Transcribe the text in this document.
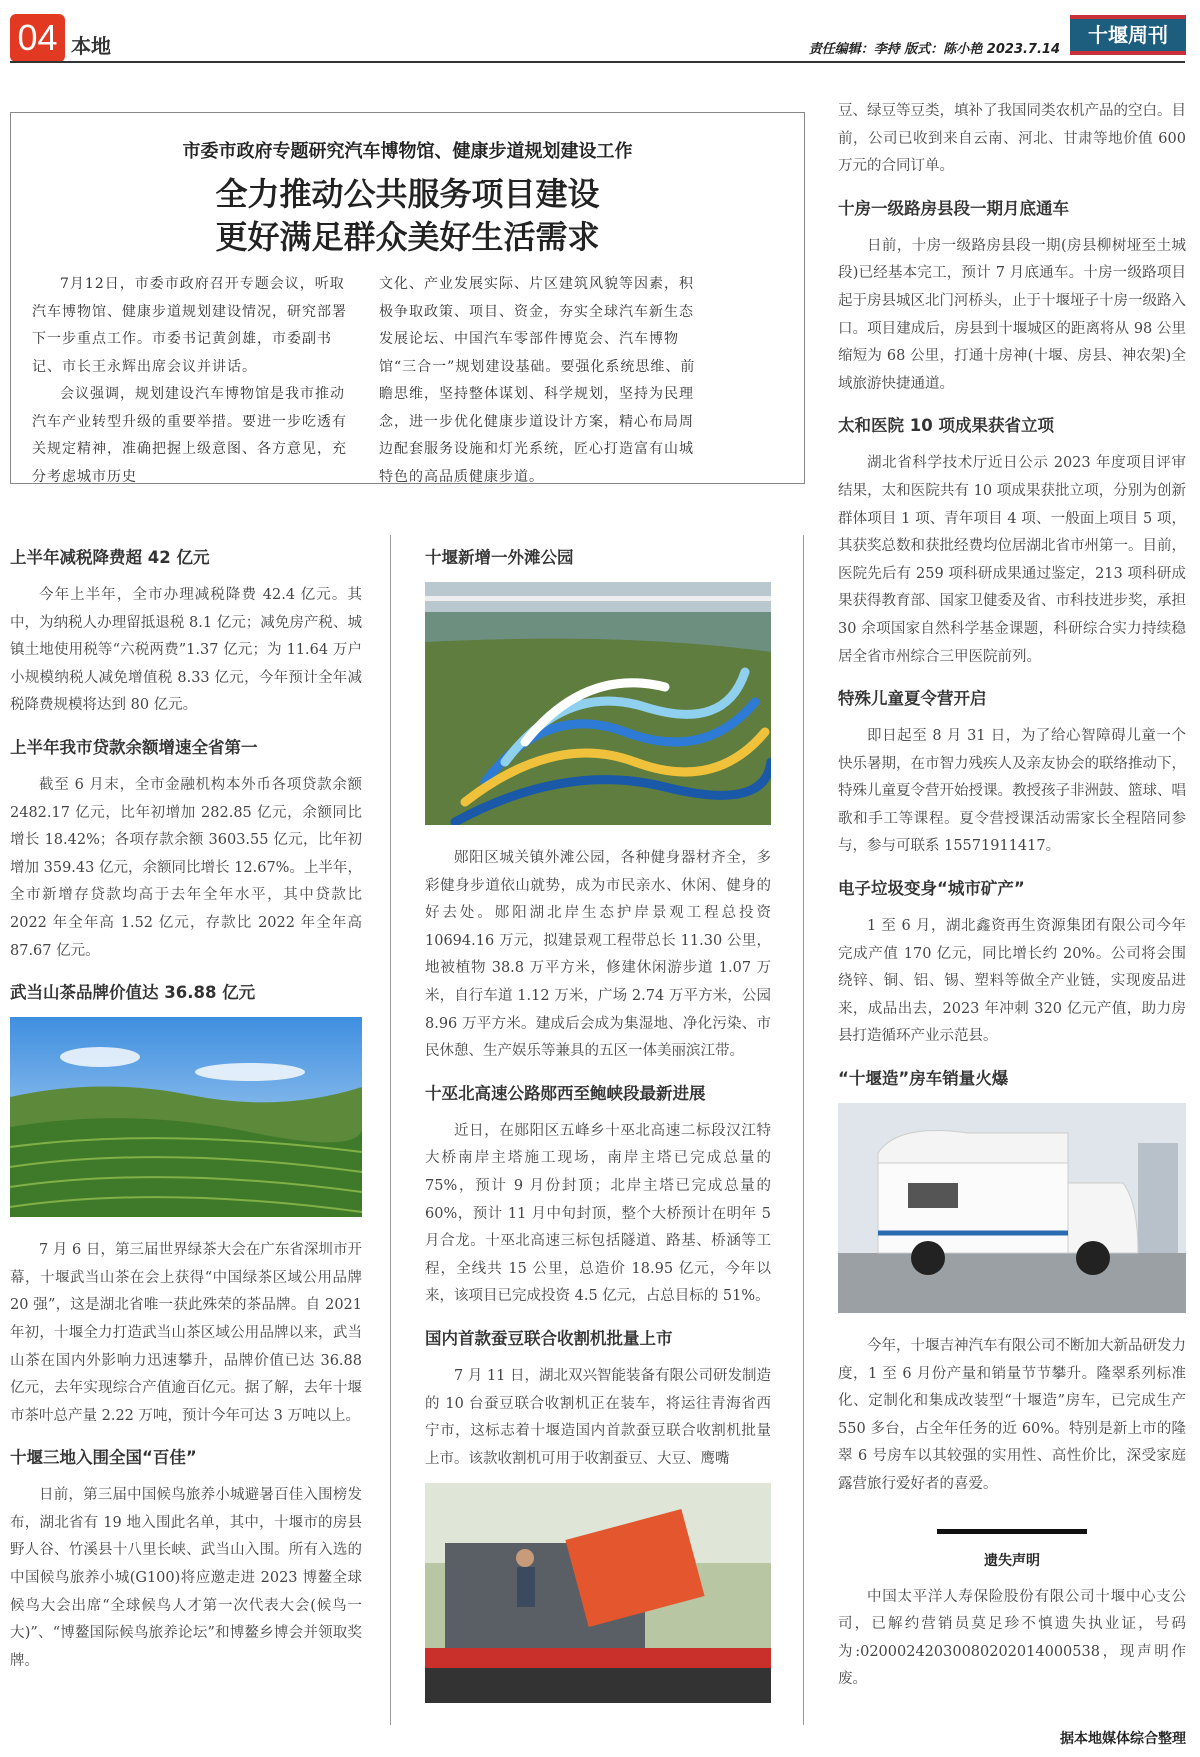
04 本地	责任编辑：李持 版式：陈小艳 2023.7.14
十堰周刊
市委市政府专题研究汽车博物馆、健康步道规划建设工作
全力推动公共服务项目建设
更好满足群众美好生活需求

7月12日，市委市政府召开专题会议，听取汽车博物馆、健康步道规划建设情况，研究部署下一步重点工作。市委书记黄剑雄，市委副书记、市长王永辉出席会议并讲话。

会议强调，规划建设汽车博物馆是我市推动汽车产业转型升级的重要举措。要进一步吃透有关规定精神，准确把握上级意图、各方意见，充分考虑城市历史

文化、产业发展实际、片区建筑风貌等因素，积极争取政策、项目、资金，夯实全球汽车新生态发展论坛、中国汽车零部件博览会、汽车博物馆“三合一”规划建设基础。要强化系统思维、前瞻思维，坚持整体谋划、科学规划，坚持为民理念，进一步优化健康步道设计方案，精心布局周边配套服务设施和灯光系统，匠心打造富有山城特色的高品质健康步道。

上半年减税降费超 42 亿元

今年上半年，全市办理减税降费 42.4 亿元。其中，为纳税人办理留抵退税 8.1 亿元；减免房产税、城镇土地使用税等“六税两费”1.37 亿元；为 11.64 万户小规模纳税人减免增值税 8.33 亿元，今年预计全年减税降费规模将达到 80 亿元。

上半年我市贷款余额增速全省第一

截至 6 月末，全市金融机构本外币各项贷款余额 2482.17 亿元，比年初增加 282.85 亿元，余额同比增长 18.42%；各项存款余额 3603.55 亿元，比年初增加 359.43 亿元，余额同比增长 12.67%。上半年，全市新增存贷款均高于去年全年水平，其中贷款比 2022 年全年高 1.52 亿元，存款比 2022 年全年高 87.67 亿元。

武当山茶品牌价值达 36.88 亿元

7 月 6 日，第三届世界绿茶大会在广东省深圳市开幕，十堰武当山茶在会上获得“中国绿茶区域公用品牌 20 强”，这是湖北省唯一获此殊荣的茶品牌。自 2021 年初，十堰全力打造武当山茶区域公用品牌以来，武当山茶在国内外影响力迅速攀升，品牌价值已达 36.88 亿元，去年实现综合产值逾百亿元。据了解，去年十堰市茶叶总产量 2.22 万吨，预计今年可达 3 万吨以上。

十堰三地入围全国“百佳”

日前，第三届中国候鸟旅养小城避暑百佳入围榜发布，湖北省有 19 地入围此名单，其中，十堰市的房县野人谷、竹溪县十八里长峡、武当山入围。所有入选的中国候鸟旅养小城(G100)将应邀走进 2023 博鳌全球候鸟大会出席“全球候鸟人才第一次代表大会(候鸟一大)”、“博鳌国际候鸟旅养论坛”和博鳌乡博会并领取奖牌。

十堰新增一外滩公园

郧阳区城关镇外滩公园，各种健身器材齐全，多彩健身步道依山就势，成为市民亲水、休闲、健身的好去处。郧阳湖北岸生态护岸景观工程总投资 10694.16 万元，拟建景观工程带总长 11.30 公里，地被植物 38.8 万平方米，修建休闲游步道 1.07 万米，自行车道 1.12 万米，广场 2.74 万平方米，公园 8.96 万平方米。建成后会成为集湿地、净化污染、市民休憩、生产娱乐等兼具的五区一体美丽滨江带。

十巫北高速公路郧西至鲍峡段最新进展

近日，在郧阳区五峰乡十巫北高速二标段汉江特大桥南岸主塔施工现场，南岸主塔已完成总量的 75%，预计 9 月份封顶；北岸主塔已完成总量的 60%，预计 11 月中旬封顶，整个大桥预计在明年 5 月合龙。十巫北高速三标包括隧道、路基、桥涵等工程，全线共 15 公里，总造价 18.95 亿元，今年以来，该项目已完成投资 4.5 亿元，占总目标的 51%。

国内首款蚕豆联合收割机批量上市

7 月 11 日，湖北双兴智能装备有限公司研发制造的 10 台蚕豆联合收割机正在装车，将运往青海省西宁市，这标志着十堰造国内首款蚕豆联合收割机批量上市。该款收割机可用于收割蚕豆、大豆、鹰嘴

豆、绿豆等豆类，填补了我国同类农机产品的空白。目前，公司已收到来自云南、河北、甘肃等地价值 600 万元的合同订单。

十房一级路房县段一期月底通车

日前，十房一级路房县段一期(房县柳树垭至土城段)已经基本完工，预计 7 月底通车。十房一级路项目起于房县城区北门河桥头，止于十堰垭子十房一级路入口。项目建成后，房县到十堰城区的距离将从 98 公里缩短为 68 公里，打通十房神(十堰、房县、神农架)全域旅游快捷通道。

太和医院 10 项成果获省立项

湖北省科学技术厅近日公示 2023 年度项目评审结果，太和医院共有 10 项成果获批立项，分别为创新群体项目 1 项、青年项目 4 项、一般面上项目 5 项，其获奖总数和获批经费均位居湖北省市州第一。目前，医院先后有 259 项科研成果通过鉴定，213 项科研成果获得教育部、国家卫健委及省、市科技进步奖，承担 30 余项国家自然科学基金课题，科研综合实力持续稳居全省市州综合三甲医院前列。

特殊儿童夏令营开启

即日起至 8 月 31 日，为了给心智障碍儿童一个快乐暑期，在市智力残疾人及亲友协会的联络推动下，特殊儿童夏令营开始授课。教授孩子非洲鼓、篮球、唱歌和手工等课程。夏令营授课活动需家长全程陪同参与，参与可联系 15571911417。

电子垃圾变身“城市矿产”

1 至 6 月，湖北鑫资再生资源集团有限公司今年完成产值 170 亿元，同比增长约 20%。公司将会围绕锌、铜、铝、锡、塑料等做全产业链，实现废品进来，成品出去，2023 年冲刺 320 亿元产值，助力房县打造循环产业示范县。

“十堰造”房车销量火爆

今年，十堰吉神汽车有限公司不断加大新品研发力度，1 至 6 月份产量和销量节节攀升。隆翠系列标准化、定制化和集成改装型“十堰造”房车，已完成生产 550 多台，占全年任务的近 60%。特别是新上市的隆翠 6 号房车以其较强的实用性、高性价比，深受家庭露营旅行爱好者的喜爱。

遗失声明

中国太平洋人寿保险股份有限公司十堰中心支公司，已解约营销员莫足珍不慎遗失执业证，号码为:02000242030080202014000538，现声明作废。

据本地媒体综合整理
